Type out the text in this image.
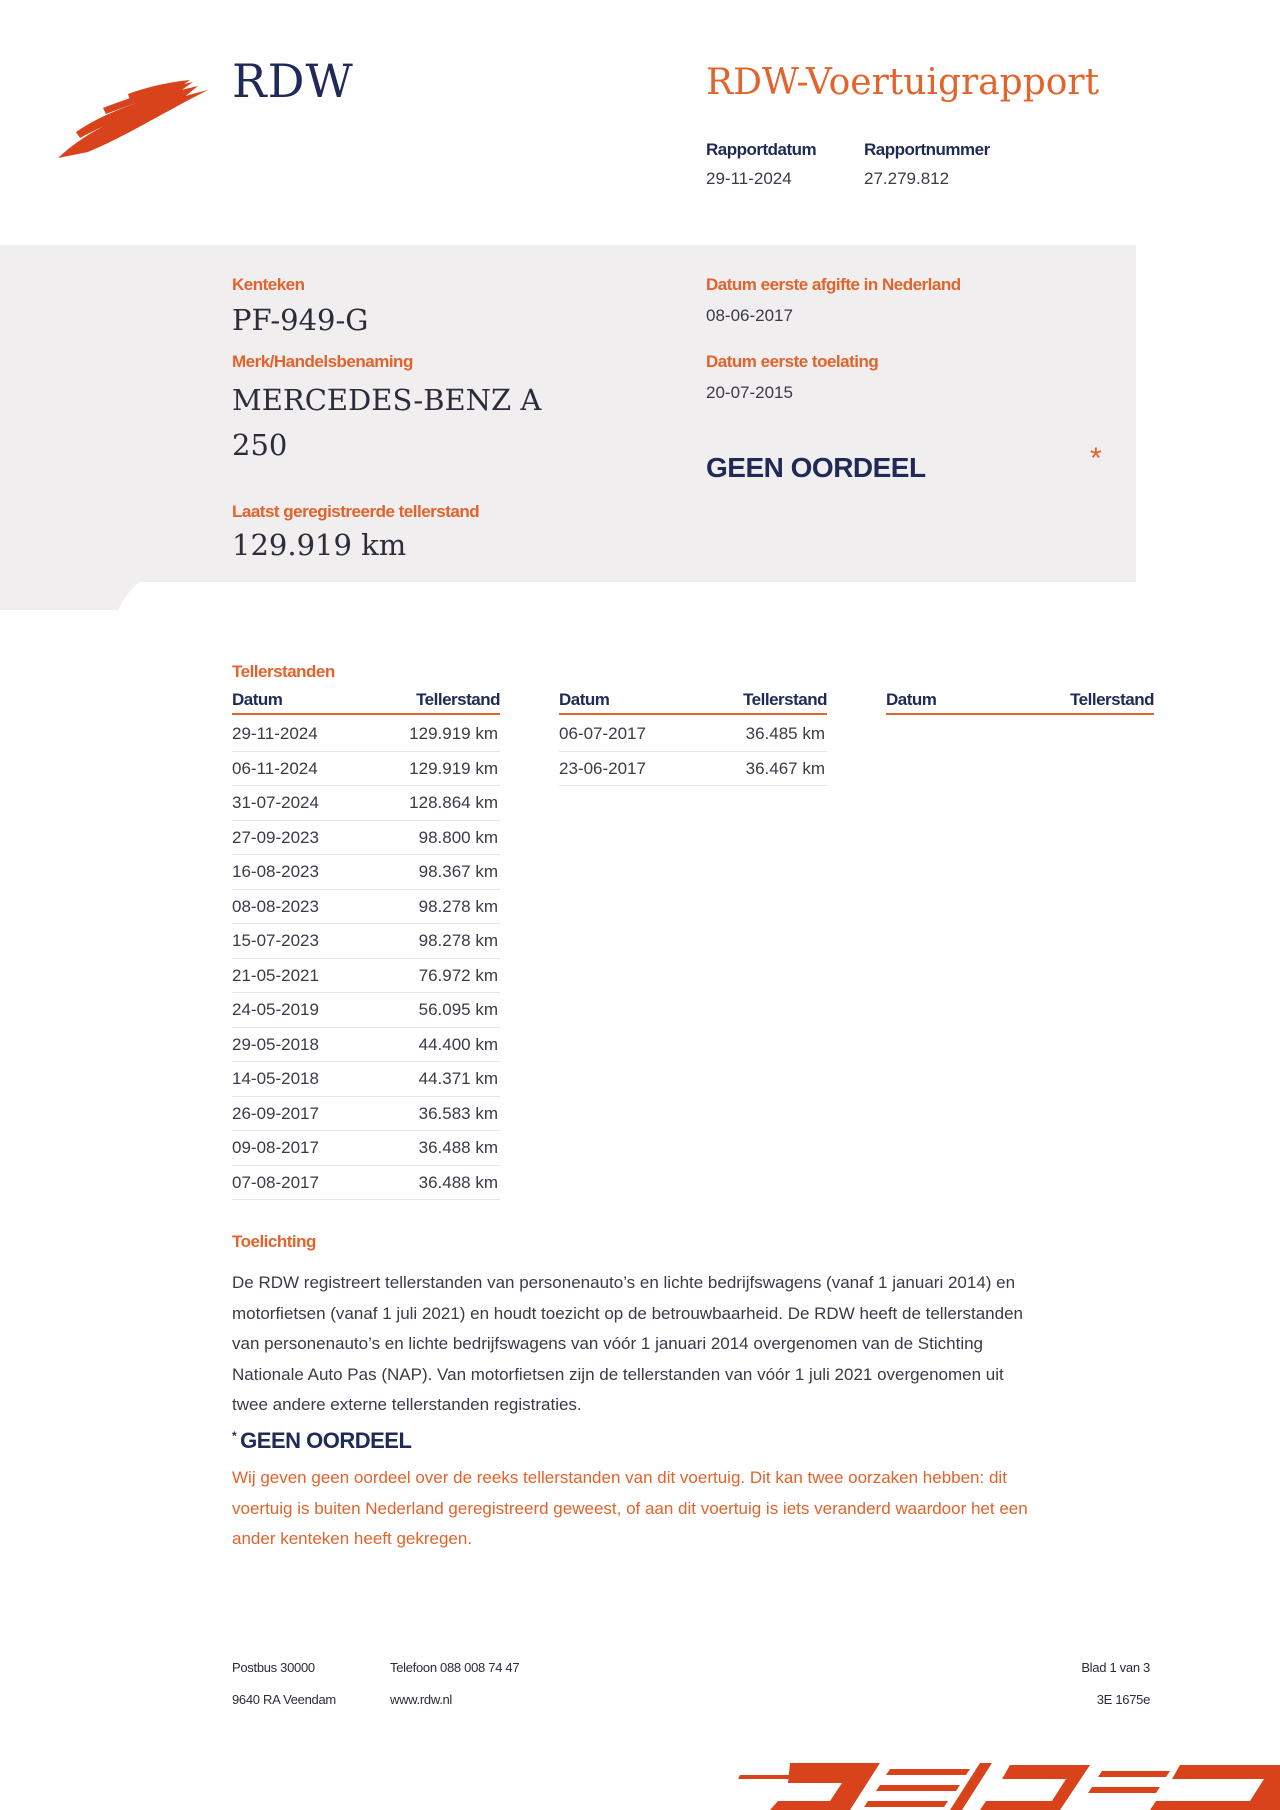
RDW	RDW-Voertuigrapport
Rapportdatum
29-11-2024
Rapportnummer
27.279.812
Kenteken
PF-949-G
Merk/Handelsbenaming
MERCEDES-BENZ A
250
Laatst geregistreerde tellerstand
129.919 km
Datum eerste afgifte in Nederland
08-06-2017
Datum eerste toelating
20-07-2015
GEEN OORDEEL	*
Tellerstanden
Datum	Tellerstand
29-11-2024	129.919 km
06-11-2024	129.919 km
31-07-2024	128.864 km
27-09-2023	98.800 km
16-08-2023	98.367 km
08-08-2023	98.278 km
15-07-2023	98.278 km
21-05-2021	76.972 km
24-05-2019	56.095 km
29-05-2018	44.400 km
14-05-2018	44.371 km
26-09-2017	36.583 km
09-08-2017	36.488 km
07-08-2017	36.488 km
Datum	Tellerstand
06-07-2017	36.485 km
23-06-2017	36.467 km
Datum	Tellerstand
Toelichting
De RDW registreert tellerstanden van personenauto’s en lichte bedrijfswagens (vanaf 1 januari 2014) en
motorfietsen (vanaf 1 juli 2021) en houdt toezicht op de betrouwbaarheid. De RDW heeft de tellerstanden
van personenauto’s en lichte bedrijfswagens van vóór 1 januari 2014 overgenomen van de Stichting
Nationale Auto Pas (NAP). Van motorfietsen zijn de tellerstanden van vóór 1 juli 2021 overgenomen uit
twee andere externe tellerstanden registraties.
* GEEN OORDEEL
Wij geven geen oordeel over de reeks tellerstanden van dit voertuig. Dit kan twee oorzaken hebben: dit
voertuig is buiten Nederland geregistreerd geweest, of aan dit voertuig is iets veranderd waardoor het een
ander kenteken heeft gekregen.
Postbus 30000
9640 RA Veendam
Telefoon 088 008 74 47
www.rdw.nl
Blad 1 van 3
3E 1675e
